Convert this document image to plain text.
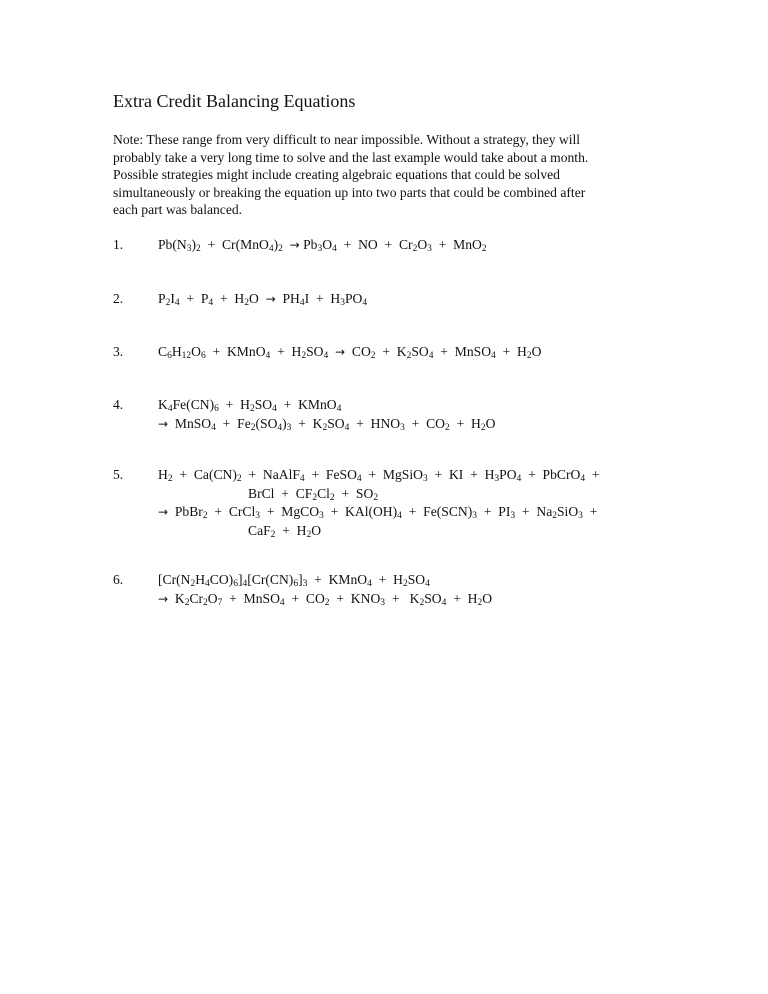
Extra Credit Balancing Equations

Note: These range from very difficult to near impossible. Without a strategy, they will

probably take a very long time to solve and the last example would take about a month.

Possible strategies might include creating algebraic equations that could be solved

simultaneously or breaking the equation up into two parts that could be combined after

each part was balanced.

1.	$Pb(N_3)_2 + Cr(MnO_4)_2 \to Pb_3O_4$  +  NO  +  $Cr_2O_3 + MnO_2$
2.	$P_2I_4 + P_4 + H_2O \to PH_4I + H_3PO_4$
3.	$C_6H_{12}O_6$  +  KMnO$_4$  +  $H_2SO_4 \to CO_2 + K_2SO_4$  +  MnSO$_4$  +  $H_2O$
4.	$K_4Fe(CN)_6 + H_2SO_4$  +  KMnO$_4$
→  MnSO$_4$  +  $Fe_2(SO_4)_3 + K_2SO_4 + HNO_3 + CO_2 + H_2O$
5.	$H_2 + Ca(CN)_2$  +  NaAlF$_4$  +  FeSO$_4$  +  MgSiO$_3$  +  KI  +  $H_3PO_4$  +  PbCrO$_4$  +
BrCl  +  $CF_2Cl_2 + SO_2$
→  PbBr$_2$  +  CrCl$_3$  +  MgCO$_3$  +  $KAl(OH)_4 + Fe(SCN)_3 + PI_3 + Na_2SiO_3$  +
$CaF_2 + H_2O$
6.	$[Cr(N_2H_4CO)_6]_4[Cr(CN)_6]_3$  +  KMnO$_4$  +  $H_2SO_4$
→  $K_2Cr_2O_7$  +  MnSO$_4$  +  $CO_2 + KNO_3 + K_2SO_4 + H_2O$
